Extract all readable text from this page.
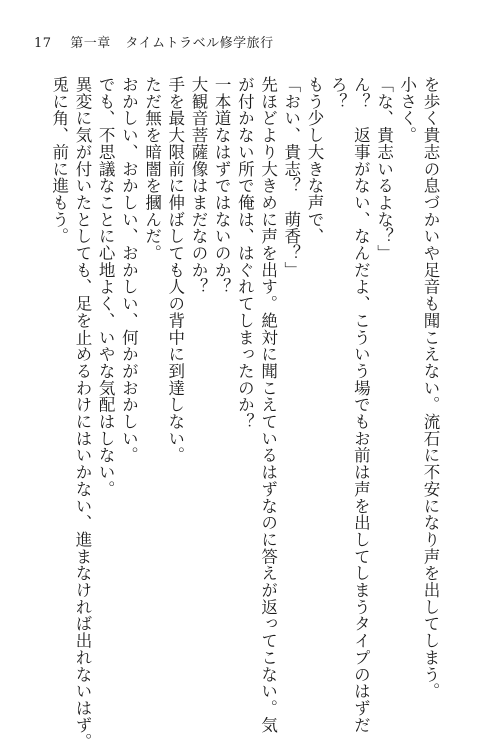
17 第一章 タイムトラベル修学旅行
を歩く貴志の息づかいや足音も聞こえない。流石に不安になり声を出してしまう。
小さく。
「な、貴志いるよな？」
ん？　返事がない、なんだよ、こういう場でもお前は声を出してしまうタイプのはずだ
ろ？
もう少し大きな声で、
「おい、貴志？　萌香？」
先ほどより大きめに声を出す。絶対に聞こえているはずなのに答えが返ってこない。気
が付かない所で俺は、はぐれてしまったのか？
一本道なはずではないのか？
大観音菩薩像はまだなのか？
手を最大限前に伸ばしても人の背中に到達しない。
ただ無を暗闇を摑んだ。
おかしい、おかしい、おかしい、何かがおかしい。
でも、不思議なことに心地よく、いやな気配はしない。
異変に気が付いたとしても、足を止めるわけにはいかない、進まなければ出れないはず。
兎に角、前に進もう。
